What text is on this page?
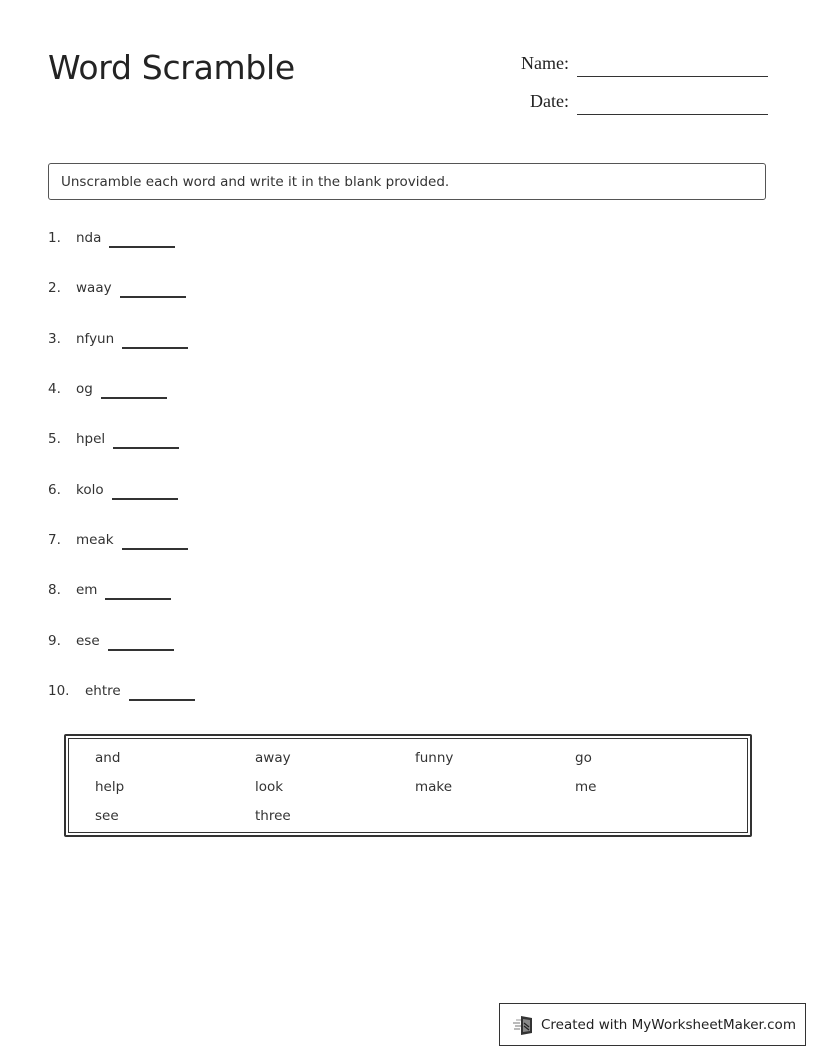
Word Scramble	Name:
Date:
Unscramble each word and write it in the blank provided.
1.	nda
2.	waay
3.	nfyun
4.	og
5.	hpel
6.	kolo
7.	meak
8.	em
9.	ese
10.	ehtre
and	away	funny	go
help	look	make	me
see	three
Created with MyWorksheetMaker.com
